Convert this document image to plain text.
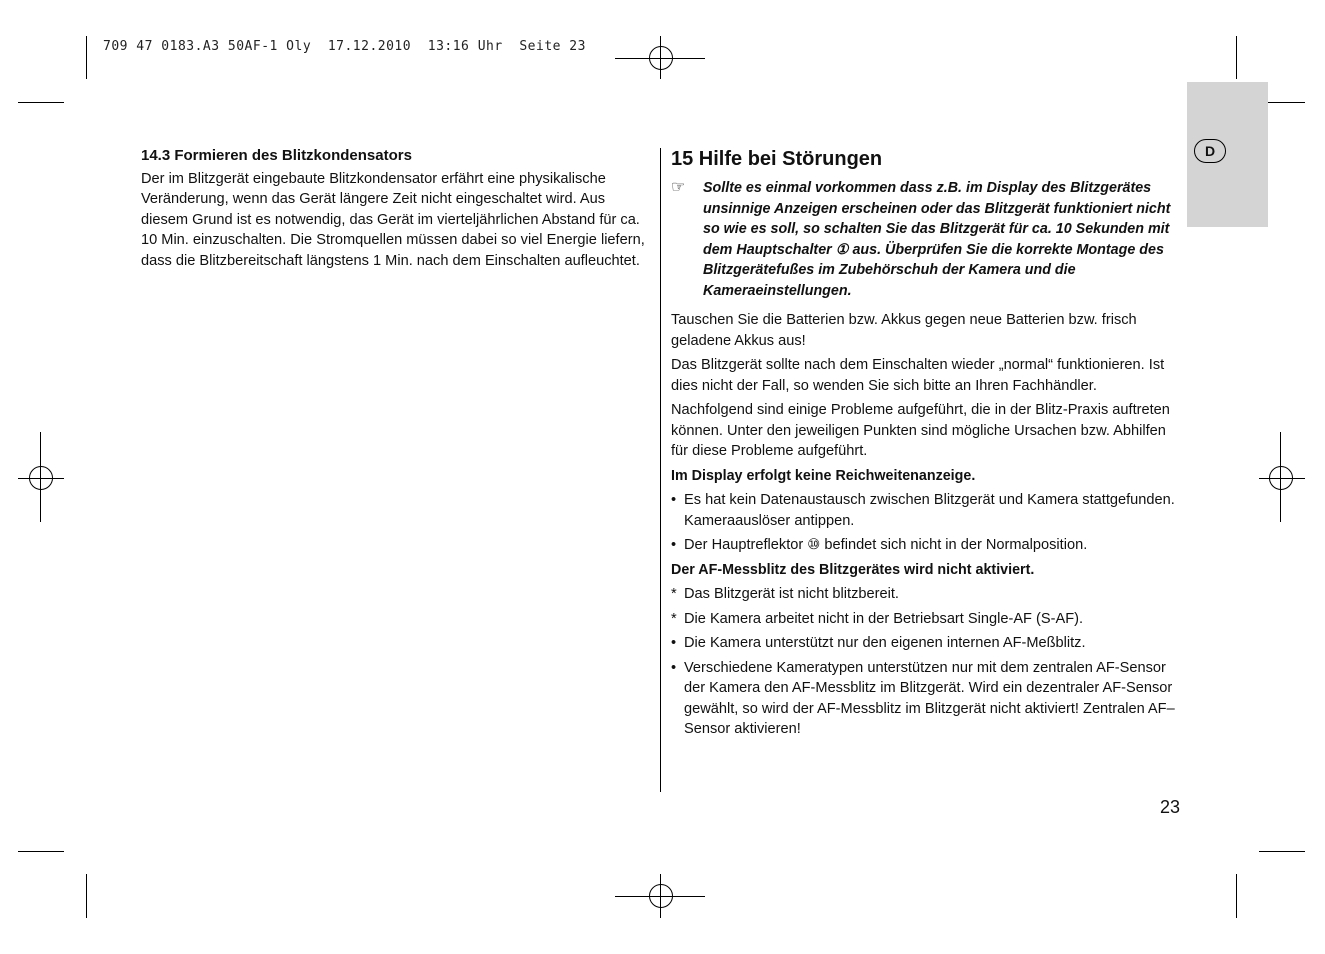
709 47 0183.A3 50AF-1 Oly  17.12.2010  13:16 Uhr  Seite 23
D
14.3 Formieren des Blitzkondensators

Der im Blitzgerät eingebaute Blitzkondensator erfährt eine physikalische Veränderung, wenn das Gerät längere Zeit nicht eingeschaltet wird. Aus diesem Grund ist es notwendig, das Gerät im vierteljährlichen Abstand für ca. 10 Min. einzuschalten. Die Stromquellen müssen dabei so viel Energie liefern, dass die Blitzbereitschaft längstens 1 Min. nach dem Einschalten aufleuchtet.

15 Hilfe bei Störungen
☞	Sollte es einmal vorkommen dass z.B. im Display des Blitzgerätes unsinnige Anzeigen erscheinen oder das Blitzgerät funktioniert nicht so wie es soll, so schalten Sie das Blitzgerät für ca. 10 Sekunden mit dem Hauptschalter ① aus. Überprüfen Sie die korrekte Montage des Blitzgerätefußes im Zubehörschuh der Kamera und die Kameraeinstellungen.

Tauschen Sie die Batterien bzw. Akkus gegen neue Batterien bzw. frisch geladene Akkus aus!

Das Blitzgerät sollte nach dem Einschalten wieder „normal“ funktionieren. Ist dies nicht der Fall, so wenden Sie sich bitte an Ihren Fachhändler.

Nachfolgend sind einige Probleme aufgeführt, die in der Blitz-Praxis auftreten können. Unter den jeweiligen Punkten sind mögliche Ursachen bzw. Abhilfen für diese Probleme aufgeführt.

Im Display erfolgt keine Reichweitenanzeige.
• Es hat kein Datenaustausch zwischen Blitzgerät und Kamera stattgefunden. Kameraauslöser antippen.
• Der Hauptreflektor ⑩ befindet sich nicht in der Normalposition.
Der AF-Messblitz des Blitzgerätes wird nicht aktiviert.
* Das Blitzgerät ist nicht blitzbereit.
* Die Kamera arbeitet nicht in der Betriebsart Single-AF (S-AF).
• Die Kamera unterstützt nur den eigenen internen AF-Meßblitz.
• Verschiedene Kameratypen unterstützen nur mit dem zentralen AF-Sensor der Kamera den AF-Messblitz im Blitzgerät. Wird ein dezentraler AF-Sensor gewählt, so wird der AF-Messblitz im Blitzgerät nicht aktiviert! Zentralen AF–Sensor aktivieren!
23
